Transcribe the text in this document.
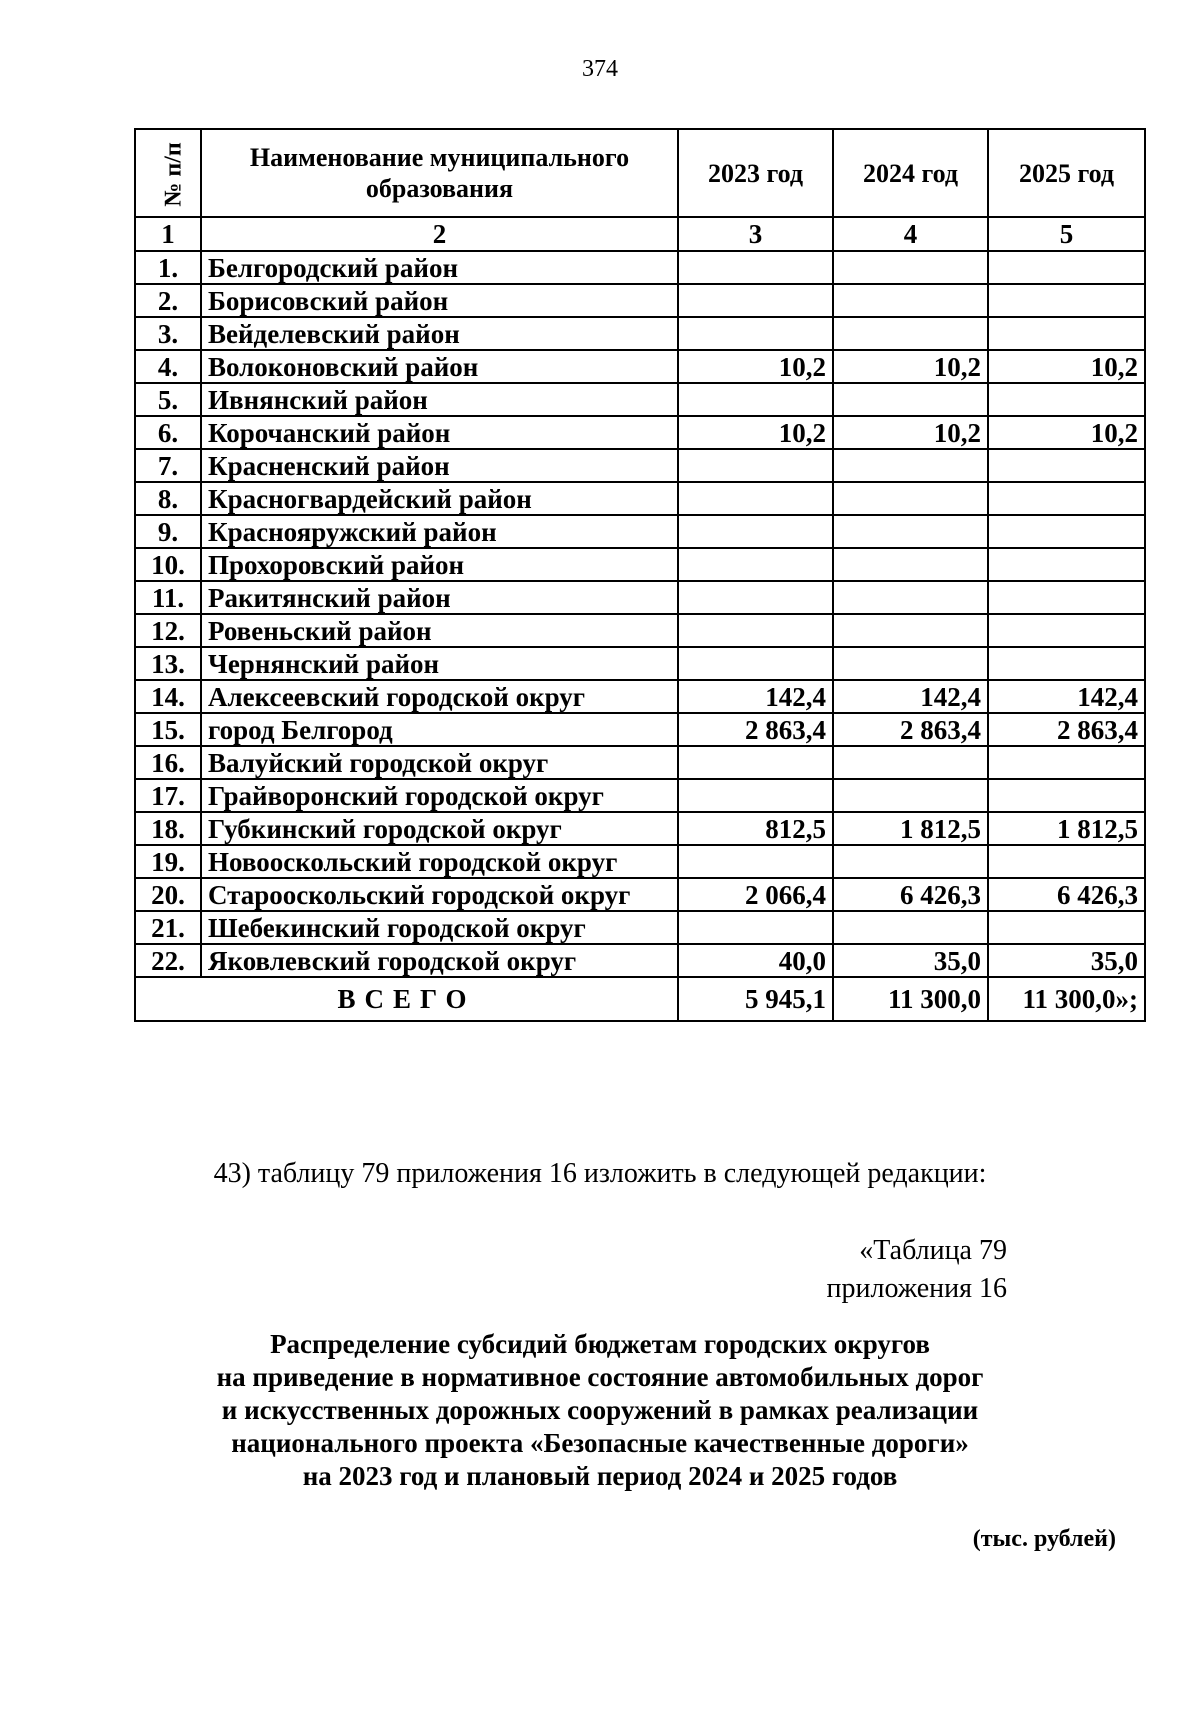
374
№ п/п	Наименование муниципального образования	2023 год	2024 год	2025 год
1	2	3	4	5
1.	Белгородский район			
2.	Борисовский район			
3.	Вейделевский район			
4.	Волоконовский район	10,2	10,2	10,2
5.	Ивнянский район			
6.	Корочанский район	10,2	10,2	10,2
7.	Красненский район			
8.	Красногвардейский район			
9.	Краснояружский район			
10.	Прохоровский район			
11.	Ракитянский район			
12.	Ровеньский район			
13.	Чернянский район			
14.	Алексеевский городской округ	142,4	142,4	142,4
15.	город Белгород	2 863,4	2 863,4	2 863,4
16.	Валуйский городской округ			
17.	Грайворонский городской округ			
18.	Губкинский городской округ	812,5	1 812,5	1 812,5
19.	Новооскольский городской округ			
20.	Старооскольский городской округ	2 066,4	6 426,3	6 426,3
21.	Шебекинский городской округ			
22.	Яковлевский городской округ	40,0	35,0	35,0
ВСЕГО		5 945,1	11 300,0	11 300,0»;
43) таблицу 79 приложения 16 изложить в следующей редакции:
«Таблица 79
приложения 16
Распределение субсидий бюджетам городских округов
на приведение в нормативное состояние автомобильных дорог
и искусственных дорожных сооружений в рамках реализации
национального проекта «Безопасные качественные дороги»
на 2023 год и плановый период 2024 и 2025 годов
(тыс. рублей)
